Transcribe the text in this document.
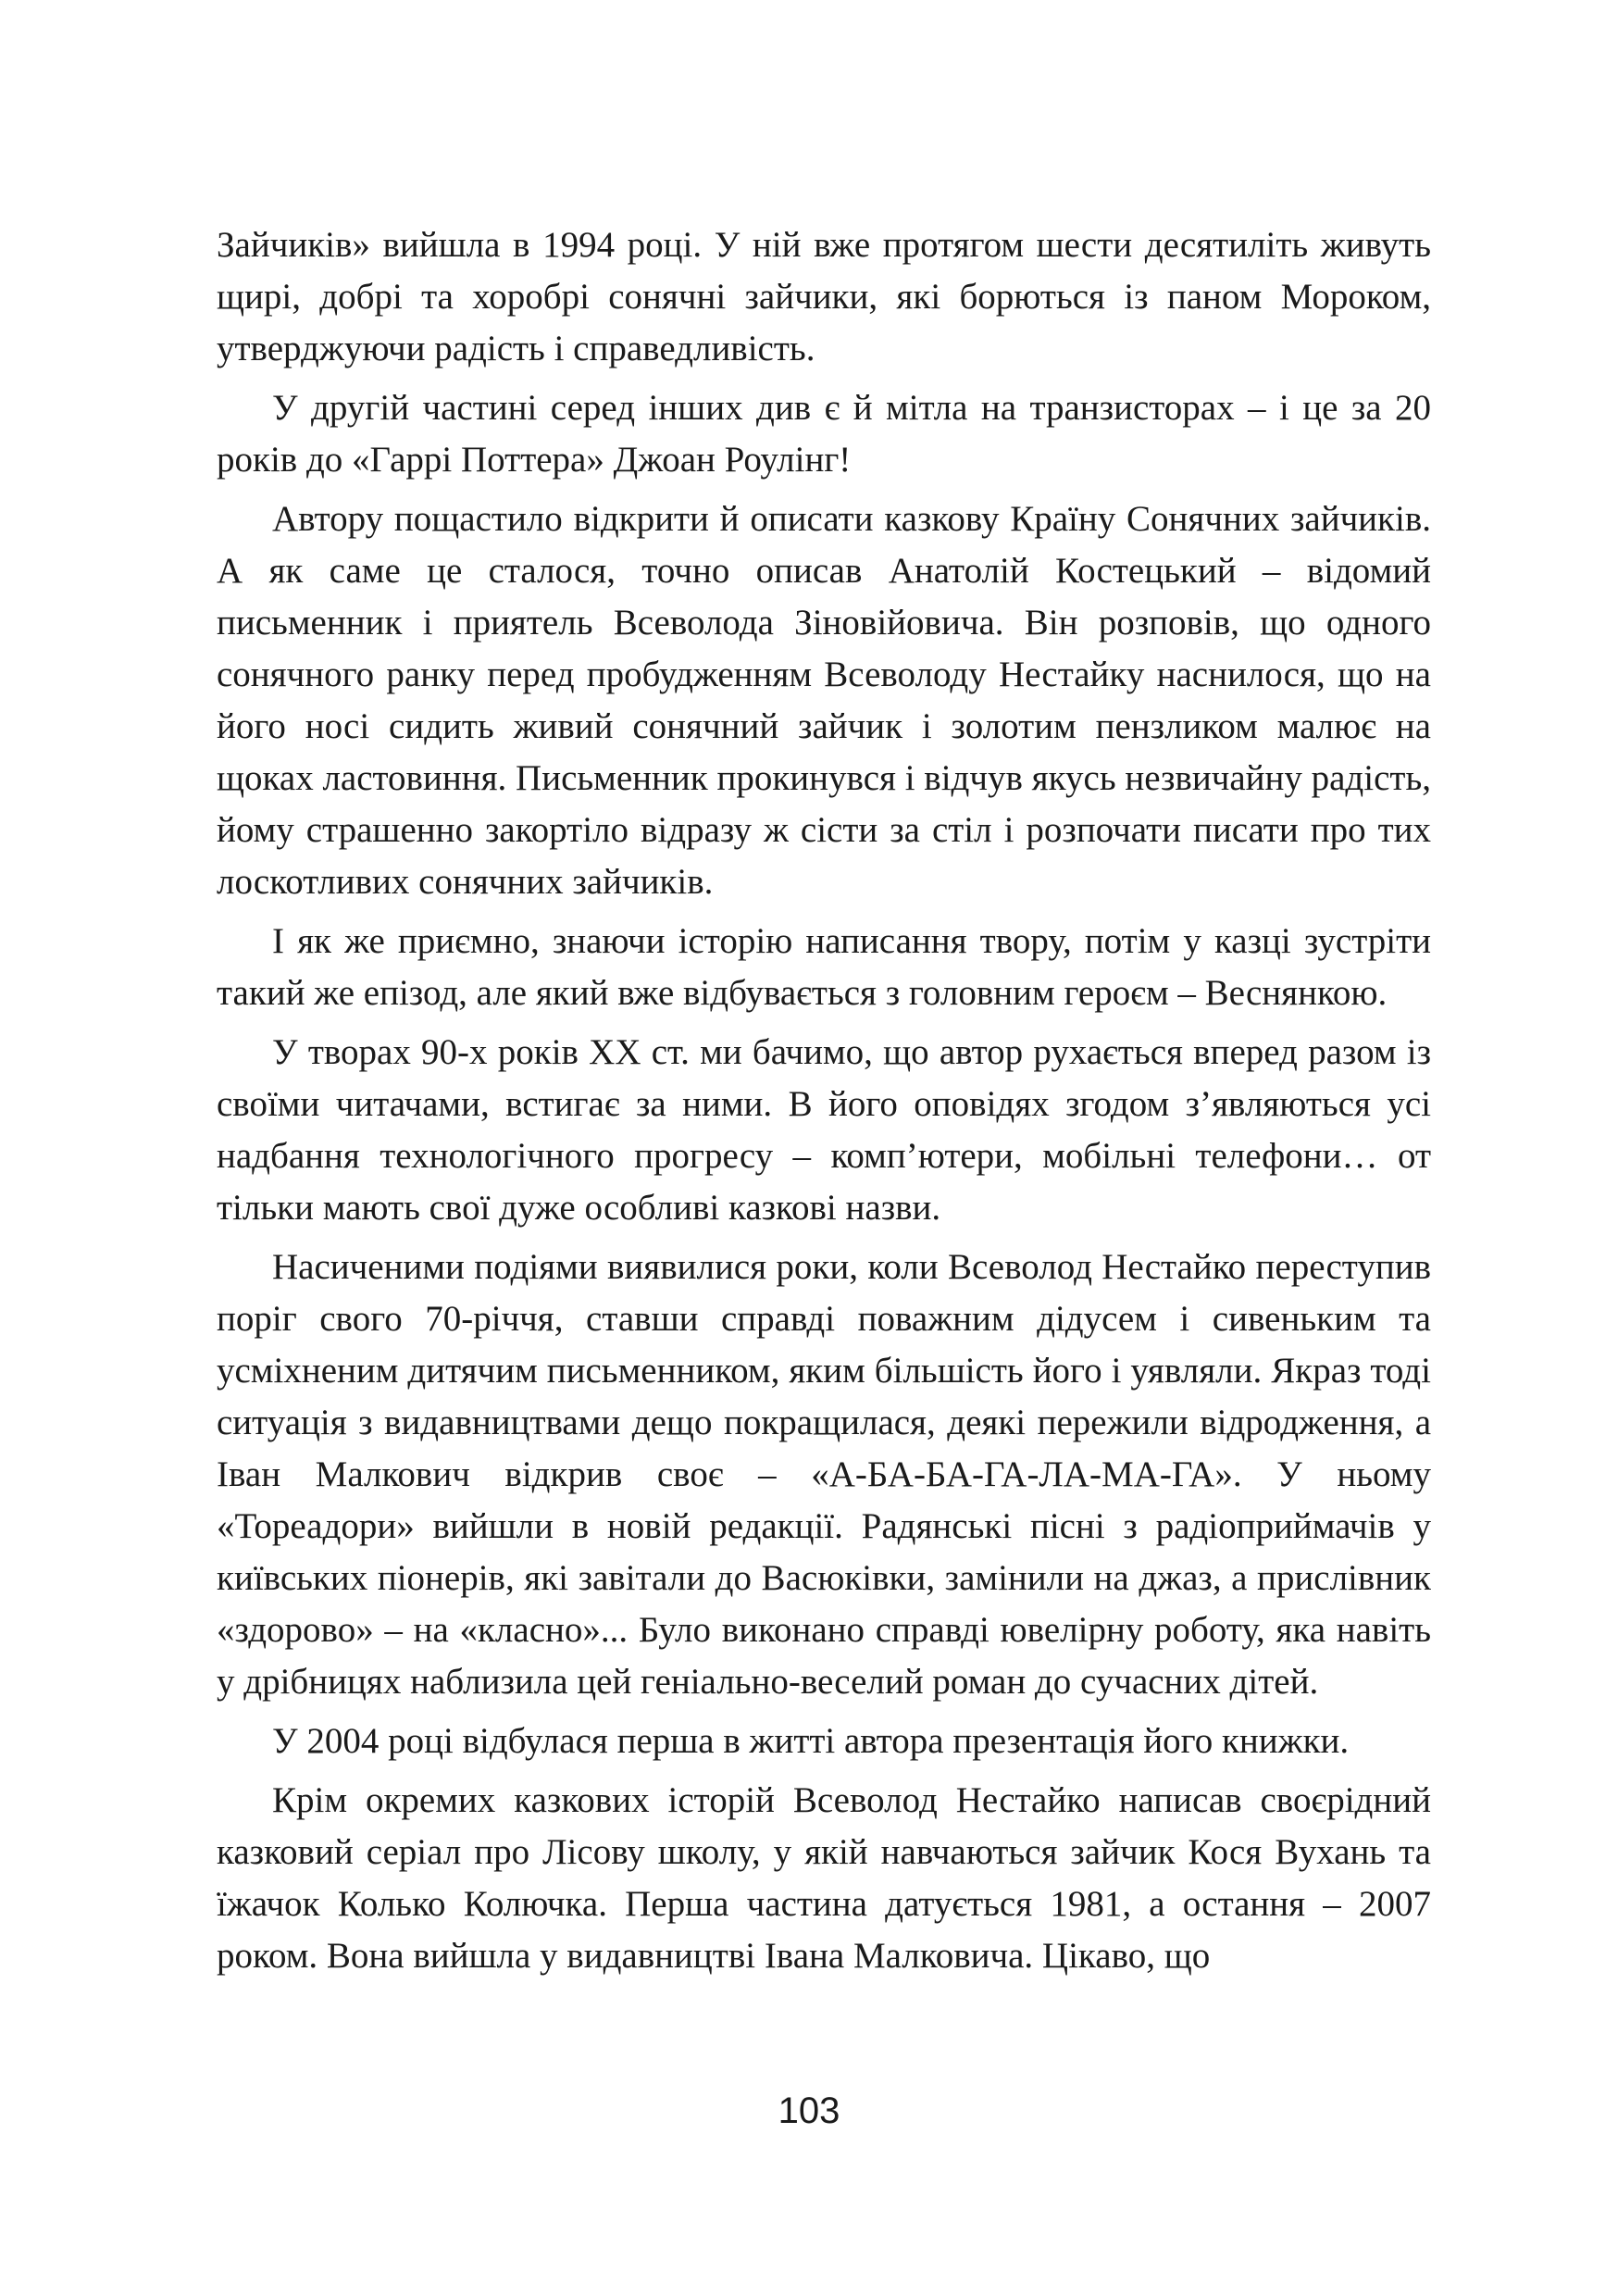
Зайчиків» вийшла в 1994 році. У ній вже протягом шести десятиліть живуть щирі, добрі та хоробрі сонячні зайчики, які борються із паном Мороком, утверджуючи радість і справедливість.

У другій частині серед інших див є й мітла на транзисторах – і це за 20 років до «Гаррі Поттера» Джоан Роулінг!

Автору пощастило відкрити й описати казкову Країну Сонячних зайчиків. А як саме це сталося, точно описав Анатолій Костецький – відомий письменник і приятель Всеволода Зіновійовича. Він розповів, що одного сонячного ранку перед пробудженням Всеволоду Нестайку наснилося, що на його носі сидить живий сонячний зайчик і золотим пензликом малює на щоках ластовиння. Письменник прокинувся і відчув якусь незвичайну радість, йому страшенно закортіло відразу ж сісти за стіл і розпочати писати про тих лоскотливих сонячних зайчиків.

І як же приємно, знаючи історію написання твору, потім у казці зустріти такий же епізод, але який вже відбувається з головним героєм – Веснянкою.

У творах 90-х років ХХ ст. ми бачимо, що автор рухається вперед разом із своїми читачами, встигає за ними. В його оповідях згодом з’являються усі надбання технологічного прогресу – комп’ютери, мобільні телефони… от тільки мають свої дуже особливі казкові назви.

Насиченими подіями виявилися роки, коли Всеволод Нестайко переступив поріг свого 70-річчя, ставши справді поважним дідусем і сивеньким та усміхненим дитячим письменником, яким більшість його і уявляли. Якраз тоді ситуація з видавництвами дещо покращилася, деякі пережили відродження, а Іван Малкович відкрив своє – «А-БА-БА-ГА-ЛА-МА-ГА». У ньому «Тореадори» вийшли в новій редакції. Радянські пісні з радіоприймачів у київських піонерів, які завітали до Васюківки, замінили на джаз, а прислівник «здорово» – на «класно»... Було виконано справді ювелірну роботу, яка навіть у дрібницях наблизила цей геніально-веселий роман до сучасних дітей.

У 2004 році відбулася перша в житті автора презентація його книжки.

Крім окремих казкових історій Всеволод Нестайко написав своєрідний казковий серіал про Лісову школу, у якій навчаються зайчик Кося Вухань та їжачок Колько Колючка. Перша частина датується 1981, а остання – 2007 роком. Вона вийшла у видавництві Івана Малковича. Цікаво, що

103
